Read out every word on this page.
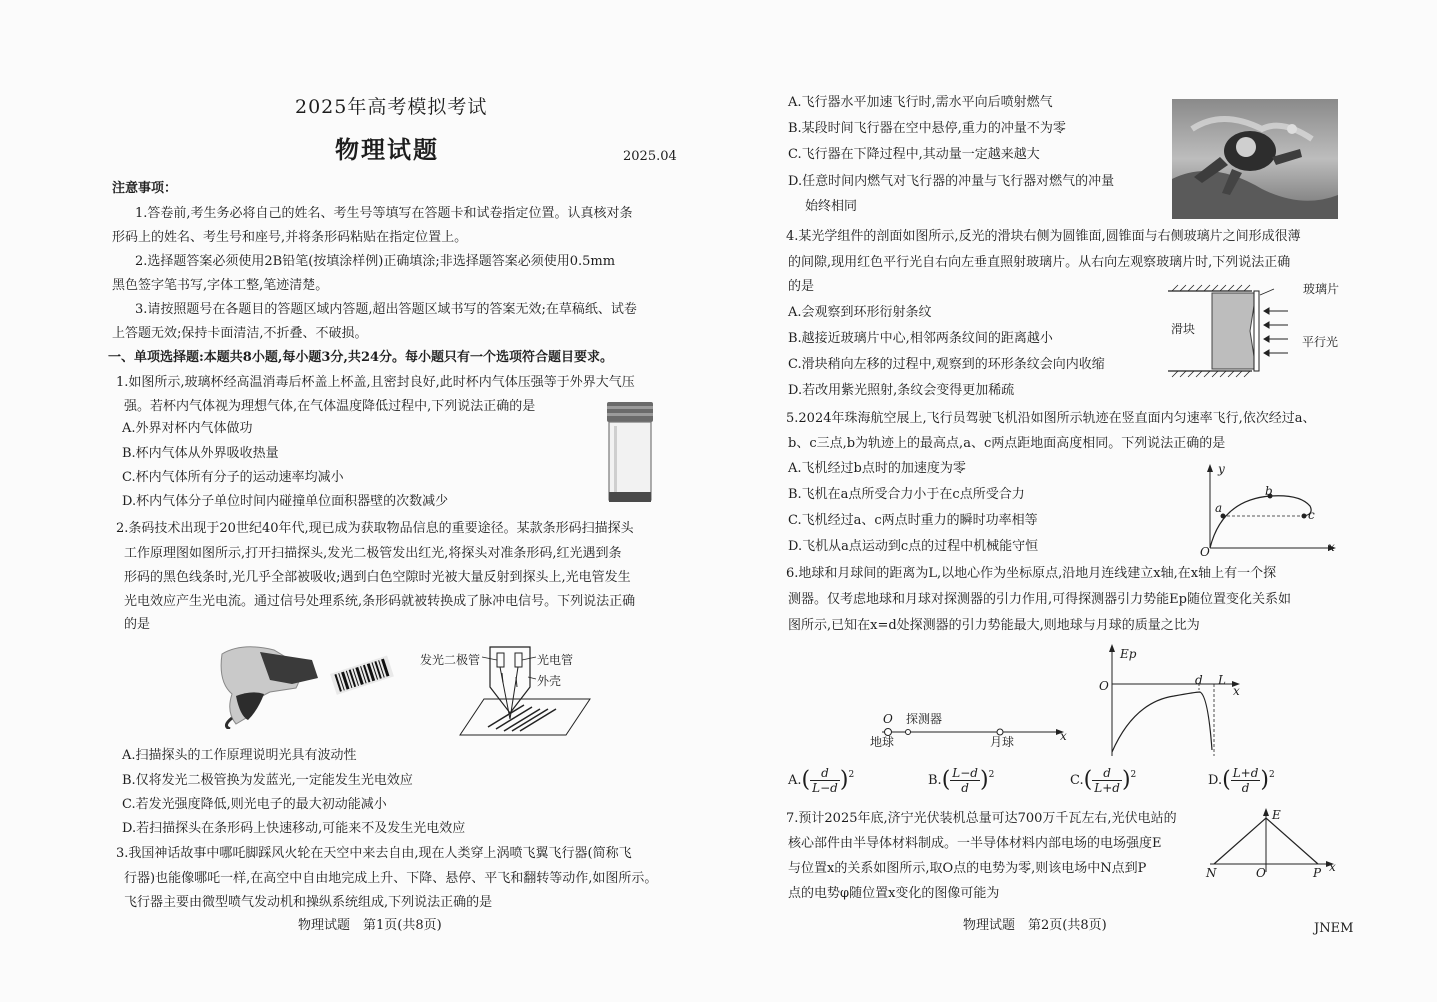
2025年高考模拟考试
物理试题	2025.04
注意事项：
1.答卷前,考生务必将自己的姓名、考生号等填写在答题卡和试卷指定位置。认真核对条
形码上的姓名、考生号和座号,并将条形码粘贴在指定位置上。
2.选择题答案必须使用2B铅笔(按填涂样例)正确填涂;非选择题答案必须使用0.5mm
黑色签字笔书写,字体工整,笔迹清楚。
3.请按照题号在各题目的答题区域内答题,超出答题区域书写的答案无效;在草稿纸、试卷
上答题无效;保持卡面清洁,不折叠、不破损。
一、单项选择题:本题共8小题,每小题3分,共24分。每小题只有一个选项符合题目要求。
1.如图所示,玻璃杯经高温消毒后杯盖上杯盖,且密封良好,此时杯内气体压强等于外界大气压
强。若杯内气体视为理想气体,在气体温度降低过程中,下列说法正确的是
A.外界对杯内气体做功
B.杯内气体从外界吸收热量
C.杯内气体所有分子的运动速率均减小
D.杯内气体分子单位时间内碰撞单位面积器壁的次数减少
2.条码技术出现于20世纪40年代,现已成为获取物品信息的重要途径。某款条形码扫描探头
工作原理图如图所示,打开扫描探头,发光二极管发出红光,将探头对准条形码,红光遇到条
形码的黑色线条时,光几乎全部被吸收;遇到白色空隙时光被大量反射到探头上,光电管发生
光电效应产生光电流。通过信号处理系统,条形码就被转换成了脉冲电信号。下列说法正确
的是
发光二极管	光电管
外壳
A.扫描探头的工作原理说明光具有波动性
B.仅将发光二极管换为发蓝光,一定能发生光电效应
C.若发光强度降低,则光电子的最大初动能减小
D.若扫描探头在条形码上快速移动,可能来不及发生光电效应
3.我国神话故事中哪吒脚踩风火轮在天空中来去自由,现在人类穿上涡喷飞翼飞行器(简称飞
行器)也能像哪吒一样,在高空中自由地完成上升、下降、悬停、平飞和翻转等动作,如图所示。
飞行器主要由微型喷气发动机和操纵系统组成,下列说法正确的是
物理试题　第1页(共8页)
A.飞行器水平加速飞行时,需水平向后喷射燃气
B.某段时间飞行器在空中悬停,重力的冲量不为零
C.飞行器在下降过程中,其动量一定越来越大
D.任意时间内燃气对飞行器的冲量与飞行器对燃气的冲量
始终相同
4.某光学组件的剖面如图所示,反光的滑块右侧为圆锥面,圆锥面与右侧玻璃片之间形成很薄
的间隙,现用红色平行光自右向左垂直照射玻璃片。从右向左观察玻璃片时,下列说法正确
的是
A.会观察到环形衍射条纹
B.越接近玻璃片中心,相邻两条纹间的距离越小
C.滑块稍向左移的过程中,观察到的环形条纹会向内收缩
D.若改用紫光照射,条纹会变得更加稀疏
玻璃片
滑块
平行光
5.2024年珠海航空展上,飞行员驾驶飞机沿如图所示轨迹在竖直面内匀速率飞行,依次经过a、
b、c三点,b为轨迹上的最高点,a、c两点距地面高度相同。下列说法正确的是
A.飞机经过b点时的加速度为零
B.飞机在a点所受合力小于在c点所受合力
C.飞机经过a、c两点时重力的瞬时功率相等
D.飞机从a点运动到c点的过程中机械能守恒
y
x
O
a
b
c
6.地球和月球间的距离为L,以地心作为坐标原点,沿地月连线建立x轴,在x轴上有一个探
测器。仅考虑地球和月球对探测器的引力作用,可得探测器引力势能Ep随位置变化关系如
图所示,已知在x=d处探测器的引力势能最大,则地球与月球的质量之比为
O 探测器
地球	月球	x
Ep
O	d L
x
$A.( \frac{d}{L-d} )^2$	$B.( \frac{L-d}{d} )^2$	$C.( \frac{d}{L+d} )^2$	$D.( \frac{L+d}{d} )^2$
7.预计2025年底,济宁光伏装机总量可达700万千瓦左右,光伏电站的
核心部件由半导体材料制成。一半导体材料内部电场的电场强度E
与位置x的关系如图所示,取O点的电势为零,则该电场中N点到P
点的电势φ随位置x变化的图像可能为
E
N	O	P x
物理试题　第2页(共8页)	JNEM
